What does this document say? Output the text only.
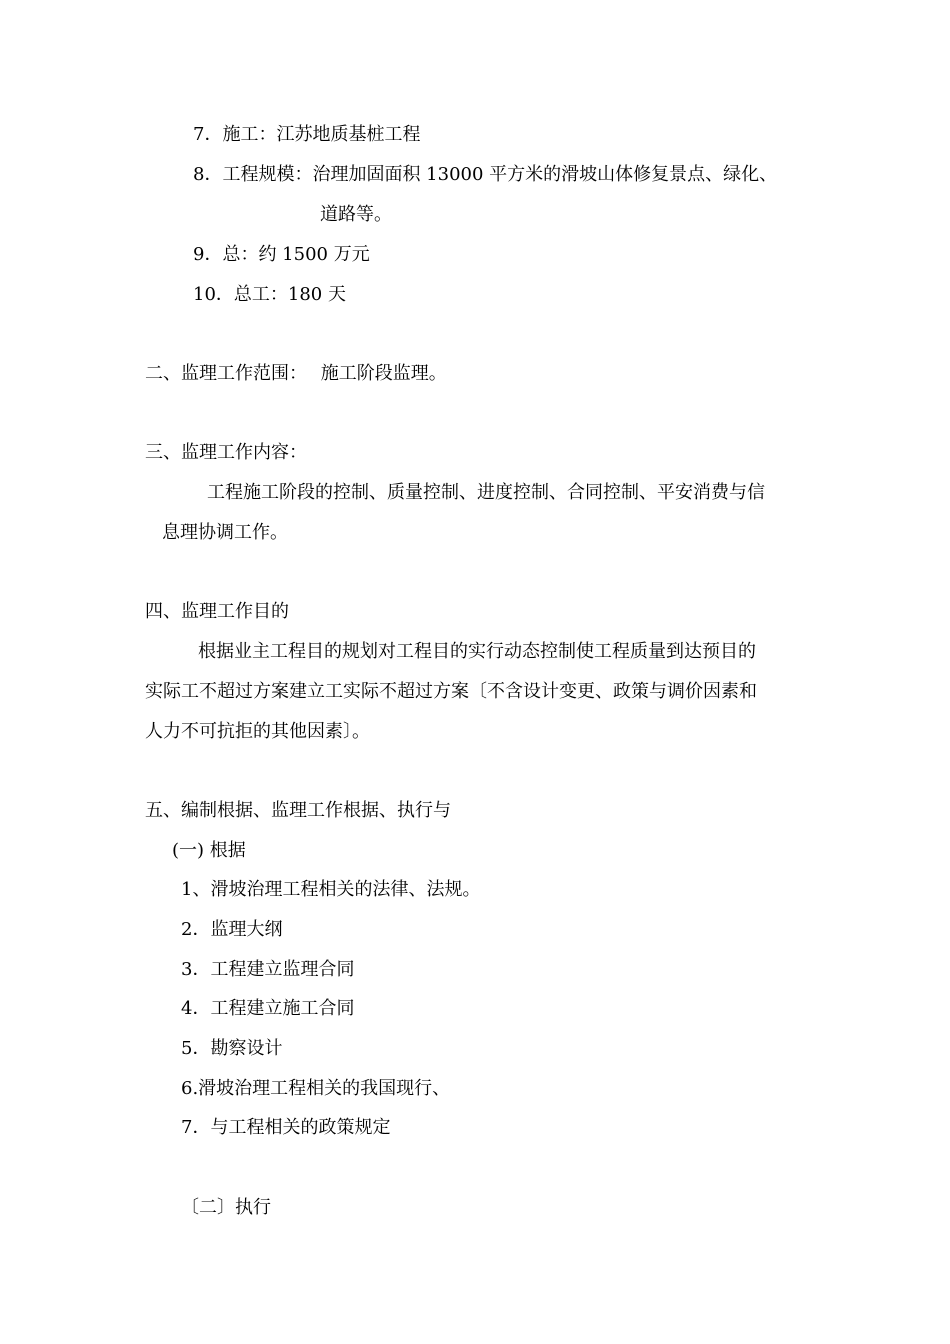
7．施工：江苏地质基桩工程
8．工程规模：治理加固面积 13000 平方米的滑坡山体修复景点、绿化、
道路等。
9．总：约 1500 万元
10．总工：180 天
二、监理工作范围： 施工阶段监理。
三、监理工作内容：
工程施工阶段的控制、质量控制、进度控制、合同控制、平安消费与信
息理协调工作。
四、监理工作目的
根据业主工程目的规划对工程目的实行动态控制使工程质量到达预目的
实际工不超过方案建立工实际不超过方案〔不含设计变更、政策与调价因素和
人力不可抗拒的其他因素〕。
五、编制根据、监理工作根据、执行与
(一) 根据
1、滑坡治理工程相关的法律、法规。
2．监理大纲
3．工程建立监理合同
4．工程建立施工合同
5．勘察设计
6.滑坡治理工程相关的我国现行、
7．与工程相关的政策规定
〔二〕执行
